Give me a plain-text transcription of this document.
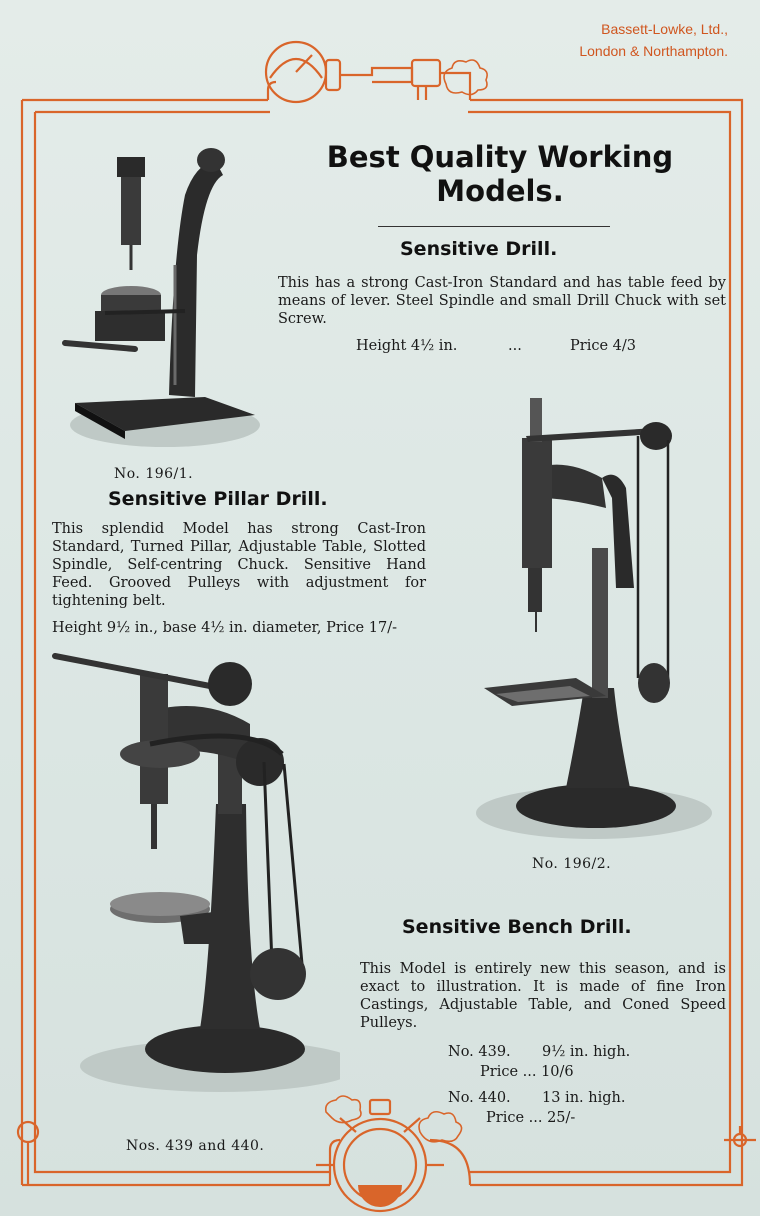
Bassett-Lowke, Ltd.,
London & Northampton.
Best Quality Working
Models.
Sensitive Drill.
This has a strong Cast-Iron Standard and has table feed by means of lever. Steel Spindle and small Drill Chuck with set Screw.
Height 4½ in.	...	Price 4/3
No. 196/1.
Sensitive Pillar Drill.
This splendid Model has strong Cast-Iron Standard, Turned Pillar, Adjustable Table, Slotted Spindle, Self-centring Chuck. Sensitive Hand Feed. Grooved Pulleys with adjustment for tightening belt.
Height 9½ in., base 4½ in. diameter, Price 17/-
No. 196/2.
Nos. 439 and 440.
Sensitive Bench Drill.
This Model is entirely new this season, and is exact to illustration. It is made of fine Iron Castings, Adjustable Table, and Coned Speed Pulleys.
No. 439. 9½ in. high.
Price ... 10/6
No. 440. 13 in. high.
Price ... 25/-
